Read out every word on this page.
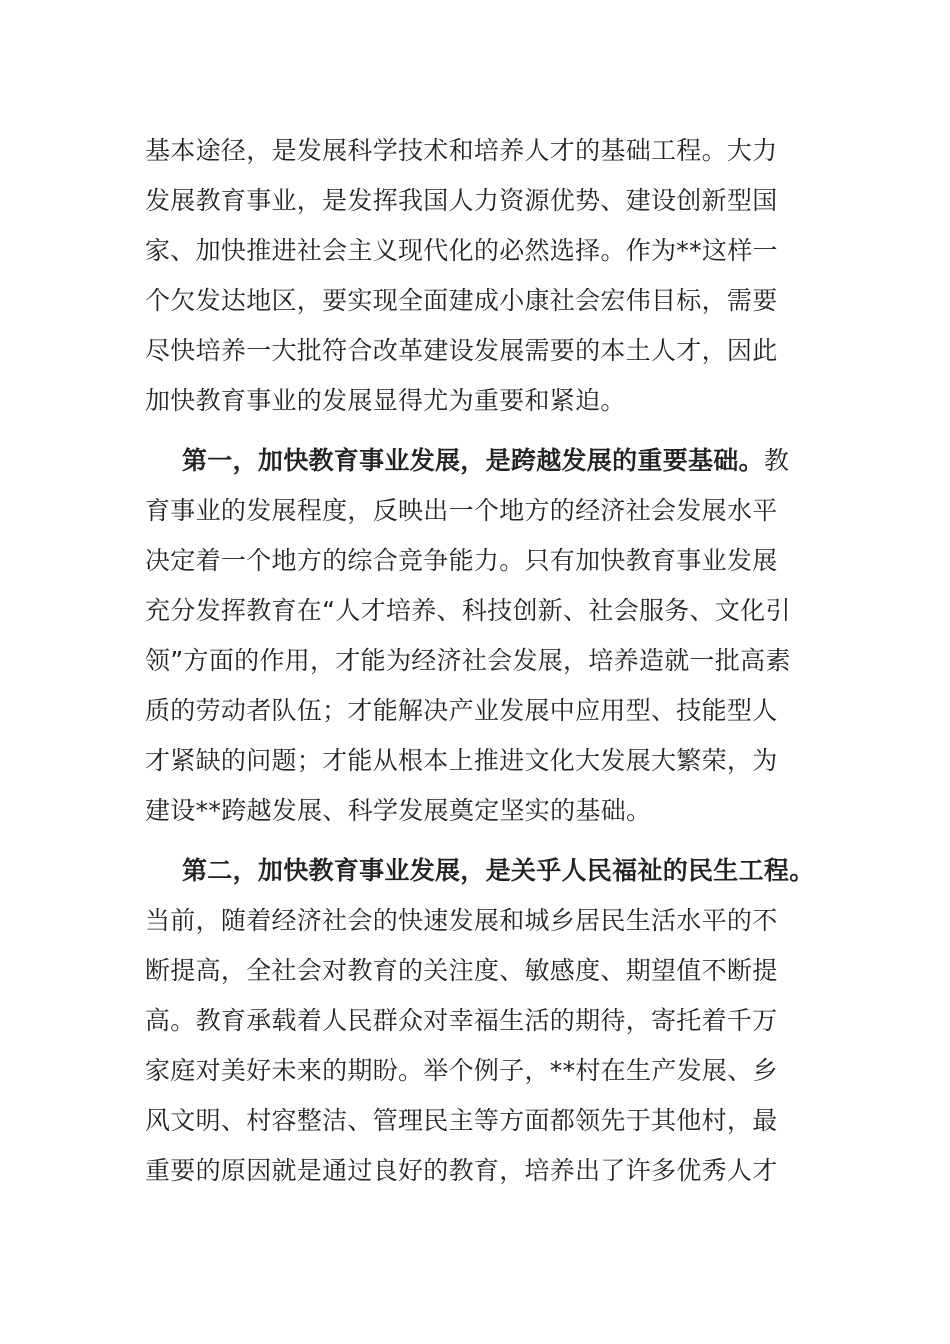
基本途径，是发展科学技术和培养人才的基础工程。大力
发展教育事业，是发挥我国人力资源优势、建设创新型国
家、加快推进社会主义现代化的必然选择。作为**这样一
个欠发达地区，要实现全面建成小康社会宏伟目标，需要
尽快培养一大批符合改革建设发展需要的本土人才，因此
加快教育事业的发展显得尤为重要和紧迫。

第一，加快教育事业发展，是跨越发展的重要基础。教
育事业的发展程度，反映出一个地方的经济社会发展水平
决定着一个地方的综合竞争能力。只有加快教育事业发展
充分发挥教育在“人才培养、科技创新、社会服务、文化引
领”方面的作用，才能为经济社会发展，培养造就一批高素
质的劳动者队伍；才能解决产业发展中应用型、技能型人
才紧缺的问题；才能从根本上推进文化大发展大繁荣，为
建设**跨越发展、科学发展奠定坚实的基础。

第二，加快教育事业发展，是关乎人民福祉的民生工程。
当前，随着经济社会的快速发展和城乡居民生活水平的不
断提高，全社会对教育的关注度、敏感度、期望值不断提
高。教育承载着人民群众对幸福生活的期待，寄托着千万
家庭对美好未来的期盼。举个例子，**村在生产发展、乡
风文明、村容整洁、管理民主等方面都领先于其他村，最
重要的原因就是通过良好的教育，培养出了许多优秀人才
